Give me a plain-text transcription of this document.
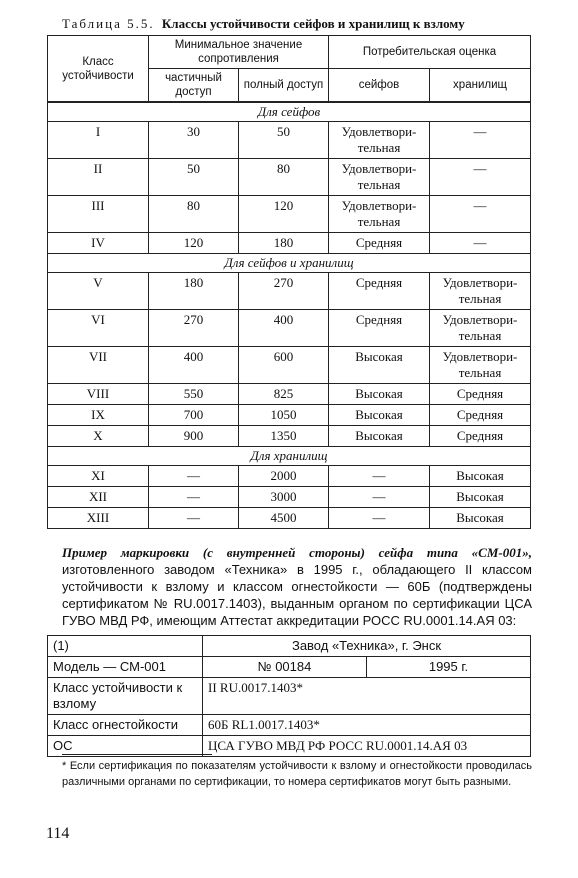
Таблица 5.5. Классы устойчивости сейфов и хранилищ к взлому
Класс устойчивости	Минимальное значение сопротивления		Потребительская оценка	
	частичный доступ	полный доступ	сейфов	хранилищ
Для сейфов				
I	30	50	Удовлетвори-тельная	—
II	50	80	Удовлетвори-тельная	—
III	80	120	Удовлетвори-тельная	—
IV	120	180	Средняя	—
Для сейфов и хранилищ				
V	180	270	Средняя	Удовлетвори-тельная
VI	270	400	Средняя	Удовлетвори-тельная
VII	400	600	Высокая	Удовлетвори-тельная
VIII	550	825	Высокая	Средняя
IX	700	1050	Высокая	Средняя
X	900	1350	Высокая	Средняя
Для хранилищ				
XI	—	2000	—	Высокая
XII	—	3000	—	Высокая
XIII	—	4500	—	Высокая
Пример маркировки (с внутренней стороны) сейфа типа «СМ-001», изготовленного заводом «Техника» в 1995 г., обладающего II классом устойчивости к взлому и классом огнестойкости — 60Б (подтверждены сертификатом № RU.0017.1403), выданным органом по сертификации ЦСА ГУВО МВД РФ, имеющим Аттестат аккредитации РОСС RU.0001.14.АЯ 03:
(1)	Завод «Техника», г. Энск	
Модель — СМ-001	№ 00184	1995 г.
Класс устойчивости к взлому	II RU.0017.1403*	
Класс огнестойкости	60Б RL1.0017.1403*	
ОС	ЦСА ГУВО МВД РФ РОСС RU.0001.14.АЯ 03	
* Если сертификация по показателям устойчивости к взлому и огнестойкости проводилась различными органами по сертификации, то номера сертификатов могут быть разными.
114
